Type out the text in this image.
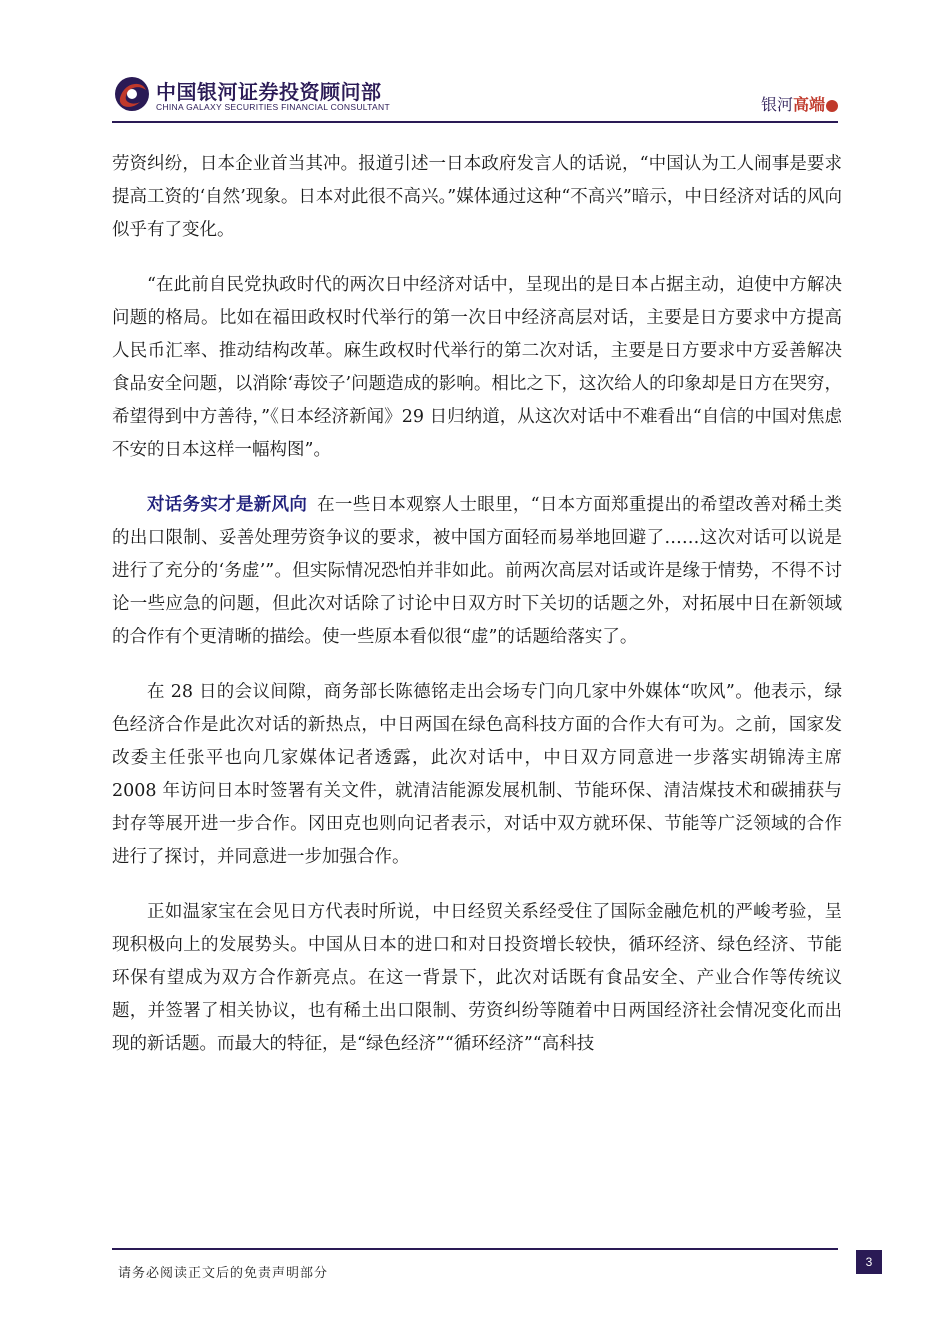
中国银河证券投资顾问部
CHINA GALAXY SECURITIES FINANCIAL CONSULTANT	银河高端

劳资纠纷，日本企业首当其冲。报道引述一日本政府发言人的话说，“中国认为工人闹事是要求提高工资的‘自然’现象。日本对此很不高兴。”媒体通过这种“不高兴”暗示，中日经济对话的风向似乎有了变化。

“在此前自民党执政时代的两次日中经济对话中，呈现出的是日本占据主动，迫使中方解决问题的格局。比如在福田政权时代举行的第一次日中经济高层对话，主要是日方要求中方提高人民币汇率、推动结构改革。麻生政权时代举行的第二次对话，主要是日方要求中方妥善解决食品安全问题，以消除‘毒饺子’问题造成的影响。相比之下，这次给人的印象却是日方在哭穷，希望得到中方善待，”《日本经济新闻》29 日归纳道，从这次对话中不难看出“自信的中国对焦虑不安的日本这样一幅构图”。

对话务实才是新风向 在一些日本观察人士眼里，“日本方面郑重提出的希望改善对稀土类的出口限制、妥善处理劳资争议的要求，被中国方面轻而易举地回避了……这次对话可以说是进行了充分的‘务虚’”。但实际情况恐怕并非如此。前两次高层对话或许是缘于情势，不得不讨论一些应急的问题，但此次对话除了讨论中日双方时下关切的话题之外，对拓展中日在新领域的合作有个更清晰的描绘。使一些原本看似很“虚”的话题给落实了。

在 28 日的会议间隙，商务部长陈德铭走出会场专门向几家中外媒体“吹风”。他表示，绿色经济合作是此次对话的新热点，中日两国在绿色高科技方面的合作大有可为。之前，国家发改委主任张平也向几家媒体记者透露，此次对话中，中日双方同意进一步落实胡锦涛主席 2008 年访问日本时签署有关文件，就清洁能源发展机制、节能环保、清洁煤技术和碳捕获与封存等展开进一步合作。冈田克也则向记者表示，对话中双方就环保、节能等广泛领域的合作进行了探讨，并同意进一步加强合作。

正如温家宝在会见日方代表时所说，中日经贸关系经受住了国际金融危机的严峻考验，呈现积极向上的发展势头。中国从日本的进口和对日投资增长较快，循环经济、绿色经济、节能环保有望成为双方合作新亮点。在这一背景下，此次对话既有食品安全、产业合作等传统议题，并签署了相关协议，也有稀土出口限制、劳资纠纷等随着中日两国经济社会情况变化而出现的新话题。而最大的特征，是“绿色经济”“循环经济”“高科技

请务必阅读正文后的免责声明部分
3
